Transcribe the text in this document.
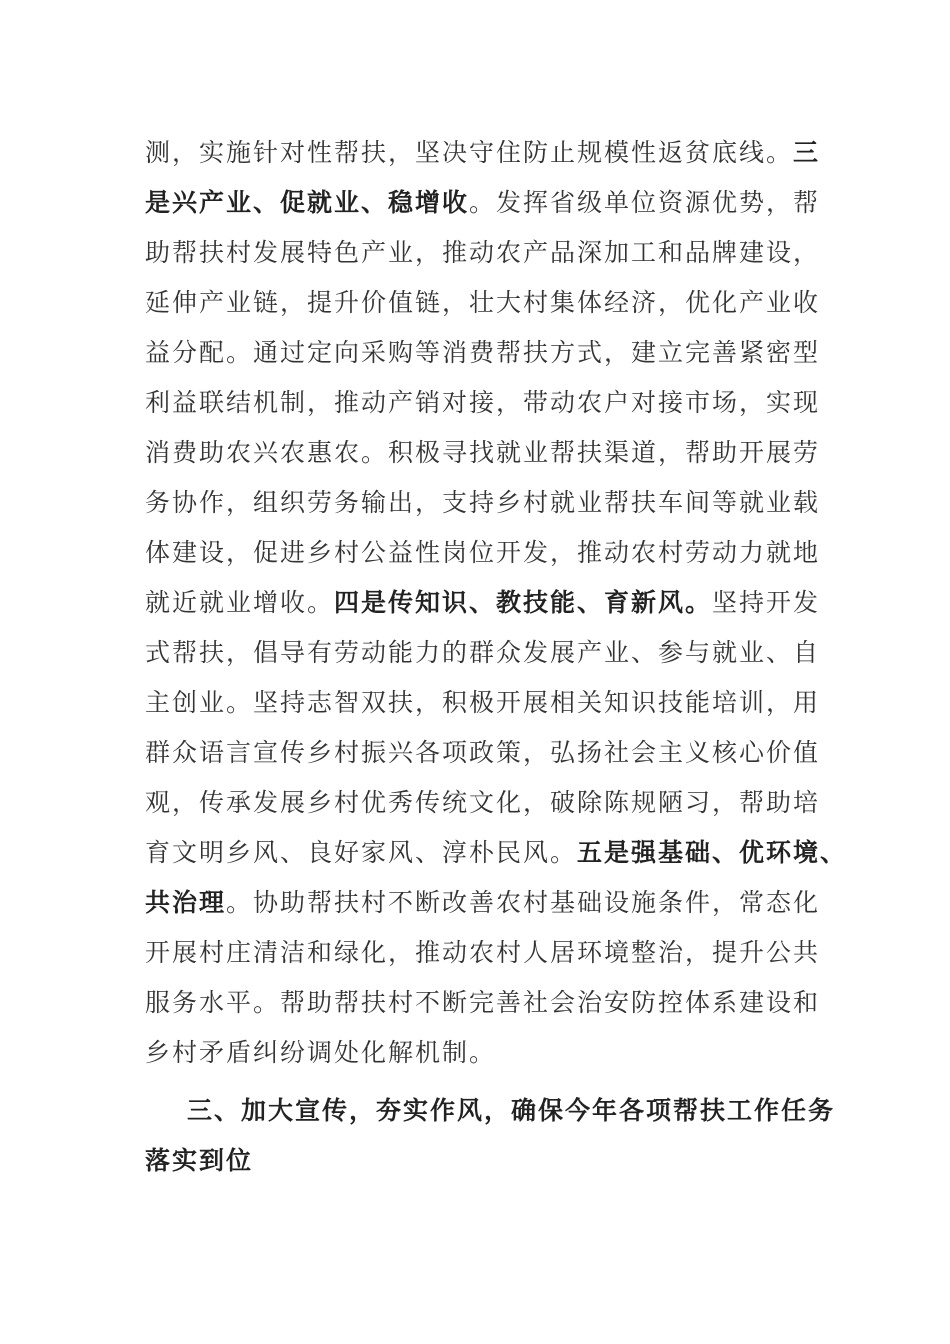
测，实施针对性帮扶，坚决守住防止规模性返贫底线。三
是兴产业、促就业、稳增收。发挥省级单位资源优势，帮
助帮扶村发展特色产业，推动农产品深加工和品牌建设，
延伸产业链，提升价值链，壮大村集体经济，优化产业收
益分配。通过定向采购等消费帮扶方式，建立完善紧密型
利益联结机制，推动产销对接，带动农户对接市场，实现
消费助农兴农惠农。积极寻找就业帮扶渠道，帮助开展劳
务协作，组织劳务输出，支持乡村就业帮扶车间等就业载
体建设，促进乡村公益性岗位开发，推动农村劳动力就地
就近就业增收。四是传知识、教技能、育新风。坚持开发
式帮扶，倡导有劳动能力的群众发展产业、参与就业、自
主创业。坚持志智双扶，积极开展相关知识技能培训，用
群众语言宣传乡村振兴各项政策，弘扬社会主义核心价值
观，传承发展乡村优秀传统文化，破除陈规陋习，帮助培
育文明乡风、良好家风、淳朴民风。五是强基础、优环境、
共治理。协助帮扶村不断改善农村基础设施条件，常态化
开展村庄清洁和绿化，推动农村人居环境整治，提升公共
服务水平。帮助帮扶村不断完善社会治安防控体系建设和
乡村矛盾纠纷调处化解机制。
三、加大宣传，夯实作风，确保今年各项帮扶工作任务
落实到位
